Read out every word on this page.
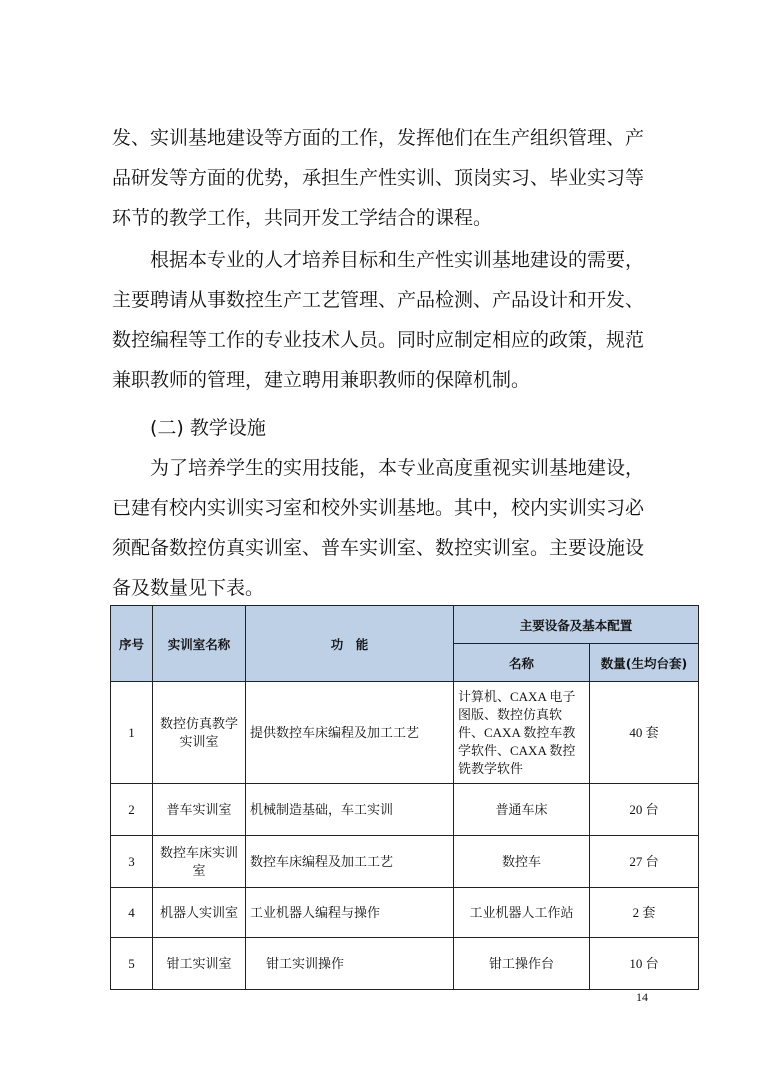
发、实训基地建设等方面的工作，发挥他们在生产组织管理、产
品研发等方面的优势，承担生产性实训、顶岗实习、毕业实习等
环节的教学工作，共同开发工学结合的课程。
根据本专业的人才培养目标和生产性实训基地建设的需要，
主要聘请从事数控生产工艺管理、产品检测、产品设计和开发、
数控编程等工作的专业技术人员。同时应制定相应的政策，规范
兼职教师的管理，建立聘用兼职教师的保障机制。
(二) 教学设施
为了培养学生的实用技能，本专业高度重视实训基地建设，
已建有校内实训实习室和校外实训基地。其中，校内实训实习必
须配备数控仿真实训室、普车实训室、数控实训室。主要设施设
备及数量见下表。
序号	实训室名称	功　能	主要设备及基本配置	
			名称	数量(生均台套)
1	数控仿真教学实训室	提供数控车床编程及加工工艺	计算机、CAXA 电子图版、数控仿真软件、CAXA 数控车教学软件、CAXA 数控铣教学软件	40 套
2	普车实训室	机械制造基础，车工实训	普通车床	20 台
3	数控车床实训室	数控车床编程及加工工艺	数控车	27 台
4	机器人实训室	工业机器人编程与操作	工业机器人工作站	2 套
5	钳工实训室	钳工实训操作	钳工操作台	10 台
14
